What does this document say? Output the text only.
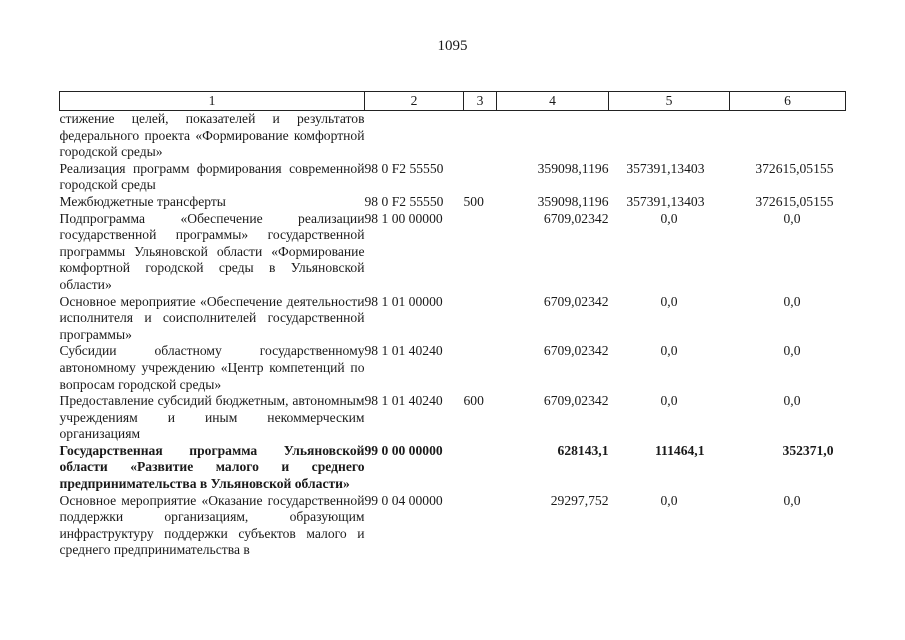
1095
1	2	3	4	5	6
стижение целей, показателей и результатов федерального проекта «Формирование комфортной городской среды»					
Реализация программ формирования современной городской среды	98 0 F2 55550		359098,1196	357391,13403	372615,05155
Межбюджетные трансферты	98 0 F2 55550	500	359098,1196	357391,13403	372615,05155
Подпрограмма «Обеспечение реализации государственной программы» государственной программы Ульяновской области «Формирование комфортной городской среды в Ульяновской области»	98 1 00 00000		6709,02342	0,0	0,0
Основное мероприятие «Обеспечение деятельности исполнителя и соисполнителей государственной программы»	98 1 01 00000		6709,02342	0,0	0,0
Субсидии областному государственному автономному учреждению «Центр компетенций по вопросам городской среды»	98 1 01 40240		6709,02342	0,0	0,0
Предоставление субсидий бюджетным, автономным учреждениям и иным некоммерческим организациям	98 1 01 40240	600	6709,02342	0,0	0,0
Государственная программа Ульяновской области «Развитие малого и среднего предпринимательства в Ульяновской области»	99 0 00 00000		628143,1	111464,1	352371,0
Основное мероприятие «Оказание государственной поддержки организациям, образующим инфраструктуру поддержки субъектов малого и среднего предпринимательства в	99 0 04 00000		29297,752	0,0	0,0
